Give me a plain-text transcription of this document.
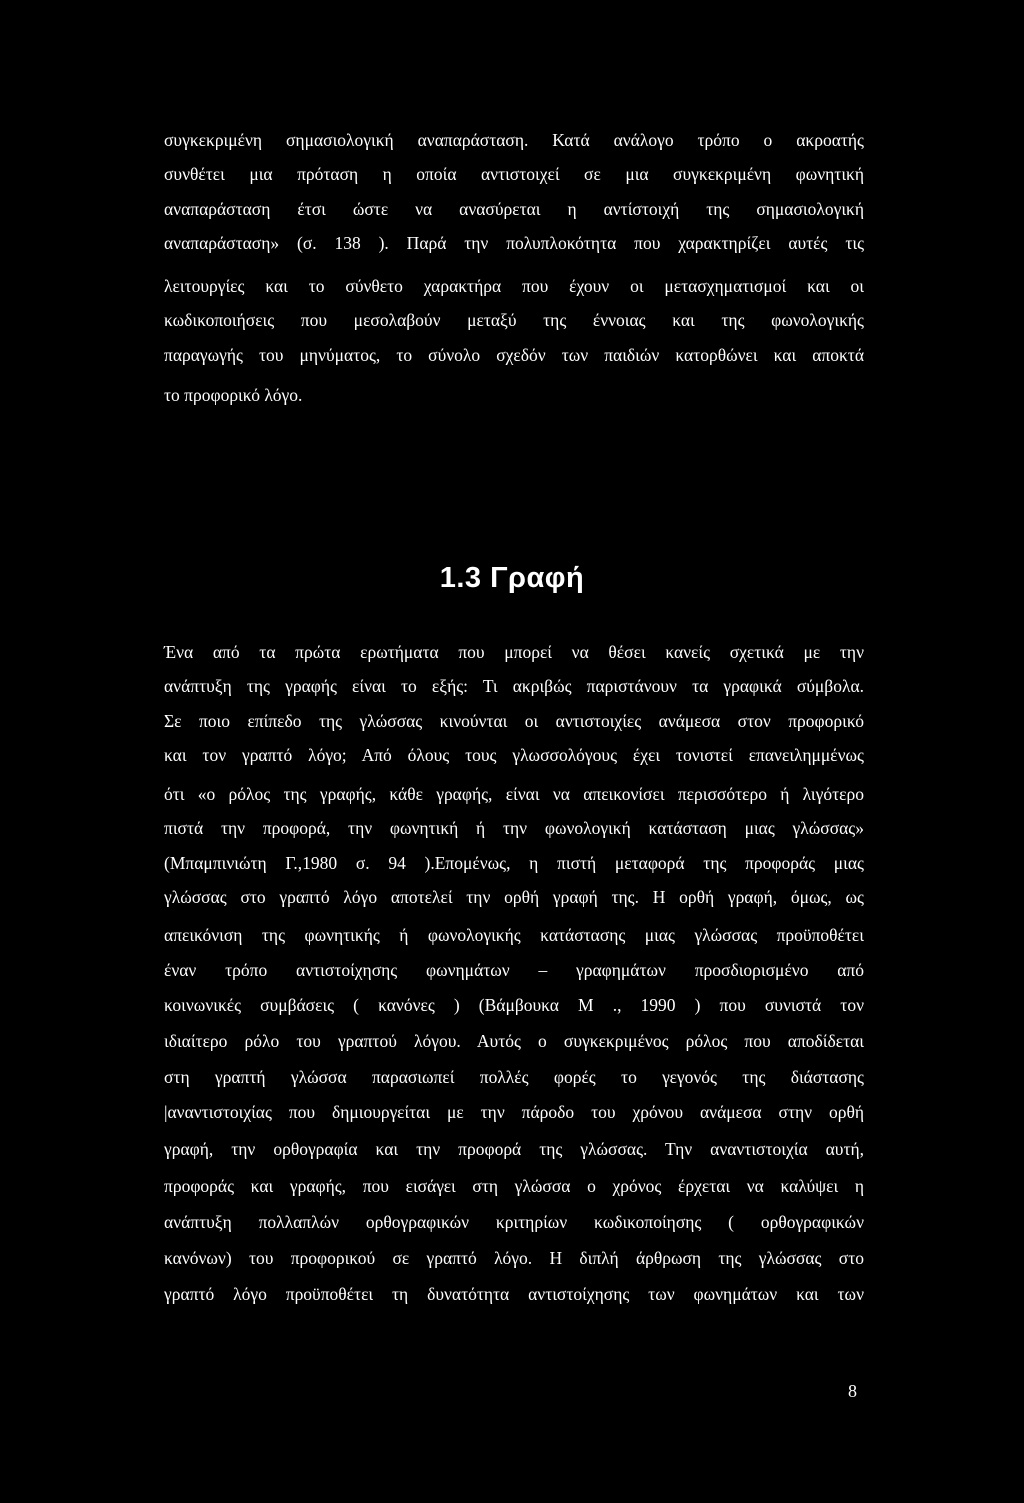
συγκεκριμένη σημασιολογική αναπαράσταση. Κατά ανάλογο τρόπο ο ακροατής
συνθέτει μια πρόταση η οποία αντιστοιχεί σε μια συγκεκριμένη φωνητική
αναπαράσταση έτσι ώστε να ανασύρεται η αντίστοιχή της σημασιολογική
αναπαράσταση» (σ. 138 ). Παρά την πολυπλοκότητα που χαρακτηρίζει αυτές τις
λειτουργίες και το σύνθετο χαρακτήρα που έχουν οι μετασχηματισμοί και οι
κωδικοποιήσεις που μεσολαβούν μεταξύ της έννοιας και της φωνολογικής
παραγωγής του μηνύματος, το σύνολο σχεδόν των παιδιών κατορθώνει και αποκτά
το προφορικό λόγο.
1.3 Γραφή
Ένα από τα πρώτα ερωτήματα που μπορεί να θέσει κανείς σχετικά με την
ανάπτυξη της γραφής είναι το εξής: Τι ακριβώς παριστάνουν τα γραφικά σύμβολα.
Σε ποιο επίπεδο της γλώσσας κινούνται οι αντιστοιχίες ανάμεσα στον προφορικό
και τον γραπτό λόγο; Από όλους τους γλωσσολόγους έχει τονιστεί επανειλημμένως
ότι «ο ρόλος της γραφής, κάθε γραφής, είναι να απεικονίσει περισσότερο ή λιγότερο
πιστά την προφορά, την φωνητική ή την φωνολογική κατάσταση μιας γλώσσας»
(Μπαμπινιώτη Γ.,1980 σ. 94 ).Επομένως, η πιστή μεταφορά της προφοράς μιας
γλώσσας στο γραπτό λόγο αποτελεί την ορθή γραφή της. Η ορθή γραφή, όμως, ως
απεικόνιση της φωνητικής ή φωνολογικής κατάστασης μιας γλώσσας προϋποθέτει
έναν τρόπο αντιστοίχησης φωνημάτων – γραφημάτων προσδιορισμένο από
κοινωνικές συμβάσεις ( κανόνες ) (Βάμβουκα Μ ., 1990 ) που συνιστά τον
ιδιαίτερο ρόλο του γραπτού λόγου. Αυτός ο συγκεκριμένος ρόλος που αποδίδεται
στη γραπτή γλώσσα παρασιωπεί πολλές φορές το γεγονός της διάστασης
|αναντιστοιχίας που δημιουργείται με την πάροδο του χρόνου ανάμεσα στην ορθή
γραφή, την ορθογραφία και την προφορά της γλώσσας. Την αναντιστοιχία αυτή,
προφοράς και γραφής, που εισάγει στη γλώσσα ο χρόνος έρχεται να καλύψει η
ανάπτυξη πολλαπλών ορθογραφικών κριτηρίων κωδικοποίησης ( ορθογραφικών
κανόνων) του προφορικού σε γραπτό λόγο. Η διπλή άρθρωση της γλώσσας στο
γραπτό λόγο προϋποθέτει τη δυνατότητα αντιστοίχησης των φωνημάτων και των
8
